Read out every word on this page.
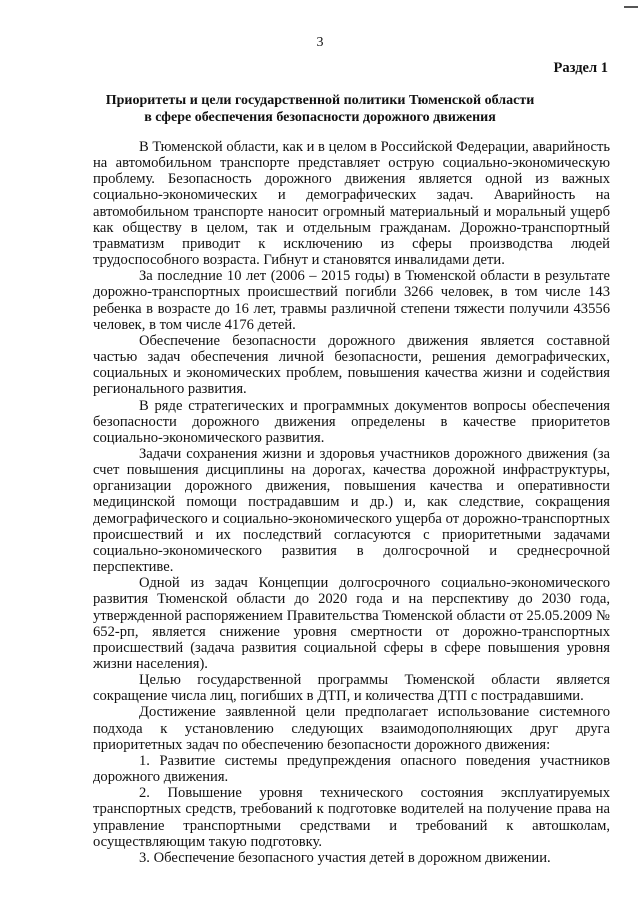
3
Раздел 1
Приоритеты и цели государственной политики Тюменской области
в сфере обеспечения безопасности дорожного движения

В Тюменской области, как и в целом в Российской Федерации, аварийность на автомобильном транспорте представляет острую социально-экономическую проблему. Безопасность дорожного движения является одной из важных социально-экономических и демографических задач. Аварийность на автомобильном транспорте наносит огромный материальный и моральный ущерб как обществу в целом, так и отдельным гражданам. Дорожно-транспортный травматизм приводит к исключению из сферы производства людей трудоспособного возраста. Гибнут и становятся инвалидами дети.

За последние 10 лет (2006 – 2015 годы) в Тюменской области в результате дорожно-транспортных происшествий погибли 3266 человек, в том числе 143 ребенка в возрасте до 16 лет, травмы различной степени тяжести получили 43556 человек, в том числе 4176 детей.

Обеспечение безопасности дорожного движения является составной частью задач обеспечения личной безопасности, решения демографических, социальных и экономических проблем, повышения качества жизни и содействия регионального развития.

В ряде стратегических и программных документов вопросы обеспечения безопасности дорожного движения определены в качестве приоритетов социально-экономического развития.

Задачи сохранения жизни и здоровья участников дорожного движения (за счет повышения дисциплины на дорогах, качества дорожной инфраструктуры, организации дорожного движения, повышения качества и оперативности медицинской помощи пострадавшим и др.) и, как следствие, сокращения демографического и социально-экономического ущерба от дорожно-транспортных происшествий и их последствий согласуются с приоритетными задачами социально-экономического развития в долгосрочной и среднесрочной перспективе.

Одной из задач Концепции долгосрочного социально-экономического развития Тюменской области до 2020 года и на перспективу до 2030 года, утвержденной распоряжением Правительства Тюменской области от 25.05.2009 № 652-рп, является снижение уровня смертности от дорожно-транспортных происшествий (задача развития социальной сферы в сфере повышения уровня жизни населения).

Целью государственной программы Тюменской области является сокращение числа лиц, погибших в ДТП, и количества ДТП с пострадавшими.

Достижение заявленной цели предполагает использование системного подхода к установлению следующих взаимодополняющих друг друга приоритетных задач по обеспечению безопасности дорожного движения:

1. Развитие системы предупреждения опасного поведения участников дорожного движения.

2. Повышение уровня технического состояния эксплуатируемых транспортных средств, требований к подготовке водителей на получение права на управление транспортными средствами и требований к автошколам, осуществляющим такую подготовку.

3. Обеспечение безопасного участия детей в дорожном движении.
